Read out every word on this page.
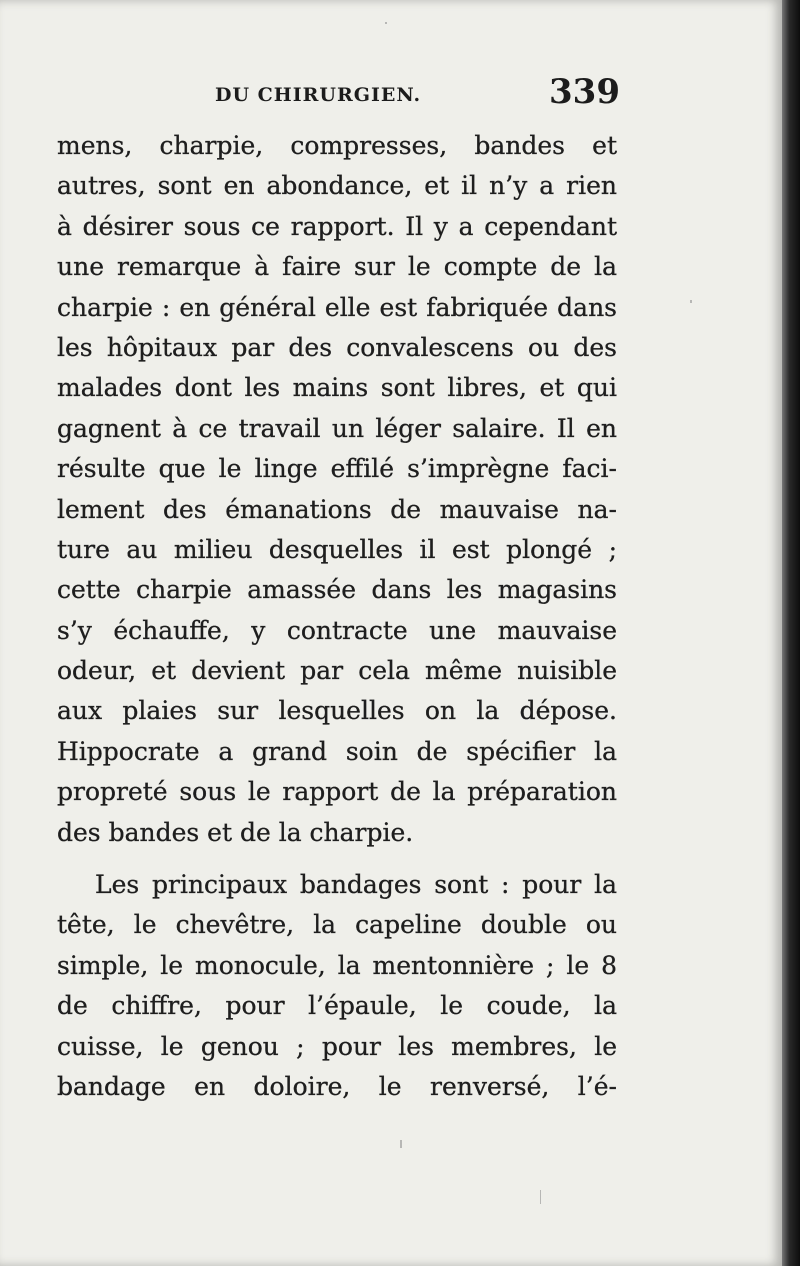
DU CHIRURGIEN.	339
mens, charpie, compresses, bandes et
autres, sont en abondance, et il n’y a rien
à désirer sous ce rapport. Il y a cependant
une remarque à faire sur le compte de la
charpie : en général elle est fabriquée dans
les hôpitaux par des convalescens ou des
malades dont les mains sont libres, et qui
gagnent à ce travail un léger salaire. Il en
résulte que le linge effilé s’imprègne faci-
lement des émanations de mauvaise na-
ture au milieu desquelles il est plongé ;
cette charpie amassée dans les magasins
s’y échauffe, y contracte une mauvaise
odeur, et devient par cela même nuisible
aux plaies sur lesquelles on la dépose.
Hippocrate a grand soin de spécifier la
propreté sous le rapport de la préparation
des bandes et de la charpie.
Les principaux bandages sont : pour la
tête, le chevêtre, la capeline double ou
simple, le monocule, la mentonnière ; le 8
de chiffre, pour l’épaule, le coude, la
cuisse, le genou ; pour les membres, le
bandage en doloire, le renversé, l’é-
